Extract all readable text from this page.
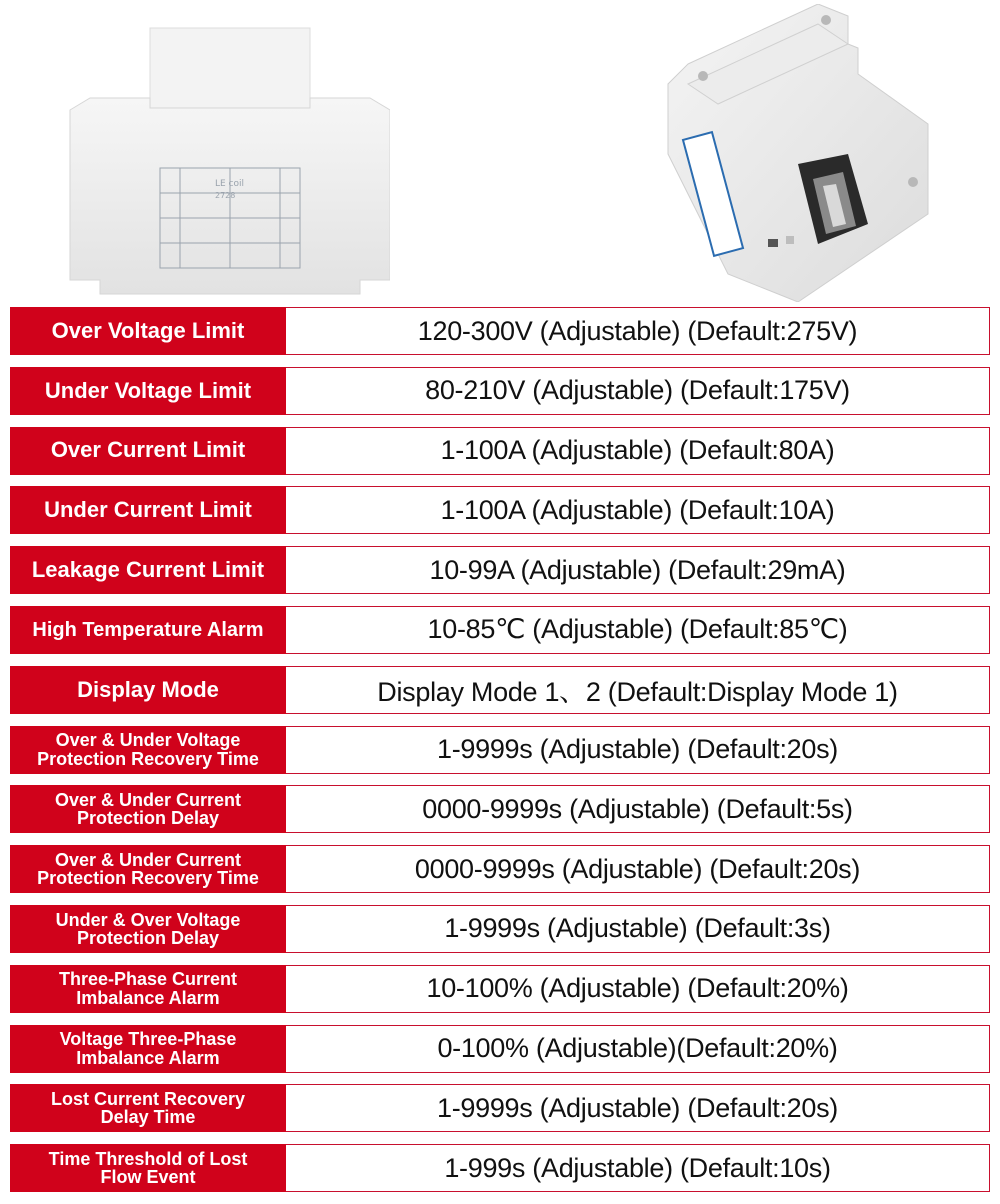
LE coil
2728
Over Voltage Limit	120-300V (Adjustable) (Default:275V)
Under Voltage Limit	80-210V (Adjustable) (Default:175V)
Over Current Limit	1-100A (Adjustable) (Default:80A)
Under Current Limit	1-100A (Adjustable) (Default:10A)
Leakage Current Limit	10-99A (Adjustable) (Default:29mA)
High Temperature Alarm	10-85℃ (Adjustable) (Default:85℃)
Display Mode	Display Mode 1、2 (Default:Display Mode 1)
Over & Under Voltage
Protection Recovery Time	1-9999s (Adjustable) (Default:20s)
Over & Under Current
Protection Delay	0000-9999s (Adjustable) (Default:5s)
Over & Under Current
Protection Recovery Time	0000-9999s (Adjustable) (Default:20s)
Under & Over Voltage
Protection Delay	1-9999s (Adjustable) (Default:3s)
Three-Phase Current
Imbalance Alarm	10-100% (Adjustable) (Default:20%)
Voltage Three-Phase
Imbalance Alarm	0-100% (Adjustable)(Default:20%)
Lost Current Recovery
Delay Time	1-9999s (Adjustable) (Default:20s)
Time Threshold of Lost
Flow Event	1-999s (Adjustable) (Default:10s)
